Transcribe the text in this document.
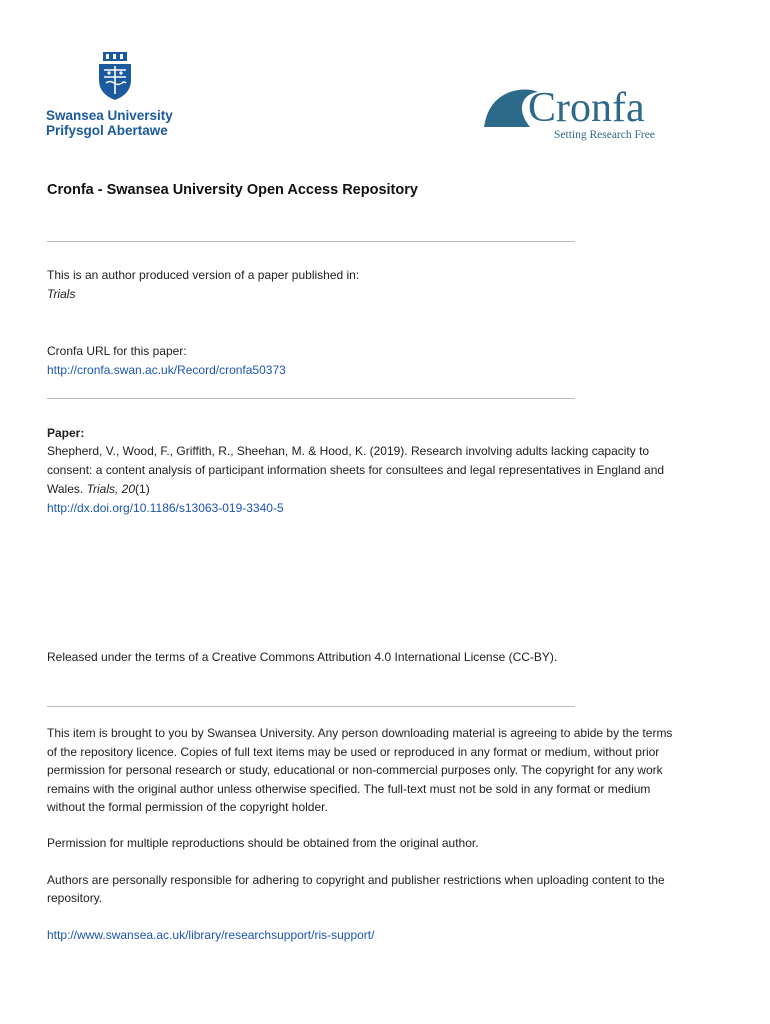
Swansea University
Prifysgol Abertawe	Cronfa
Setting Research Free
Cronfa - Swansea University Open Access Repository
This is an author produced version of a paper published in:
Trials
Cronfa URL for this paper:
http://cronfa.swan.ac.uk/Record/cronfa50373
Paper:
Shepherd, V., Wood, F., Griffith, R., Sheehan, M. & Hood, K. (2019). Research involving adults lacking capacity to
consent: a content analysis of participant information sheets for consultees and legal representatives in England and
Wales. Trials, 20(1)
http://dx.doi.org/10.1186/s13063-019-3340-5
Released under the terms of a Creative Commons Attribution 4.0 International License (CC-BY).
This item is brought to you by Swansea University. Any person downloading material is agreeing to abide by the terms
of the repository licence. Copies of full text items may be used or reproduced in any format or medium, without prior
permission for personal research or study, educational or non-commercial purposes only. The copyright for any work
remains with the original author unless otherwise specified. The full-text must not be sold in any format or medium
without the formal permission of the copyright holder.
Permission for multiple reproductions should be obtained from the original author.
Authors are personally responsible for adhering to copyright and publisher restrictions when uploading content to the
repository.
http://www.swansea.ac.uk/library/researchsupport/ris-support/
